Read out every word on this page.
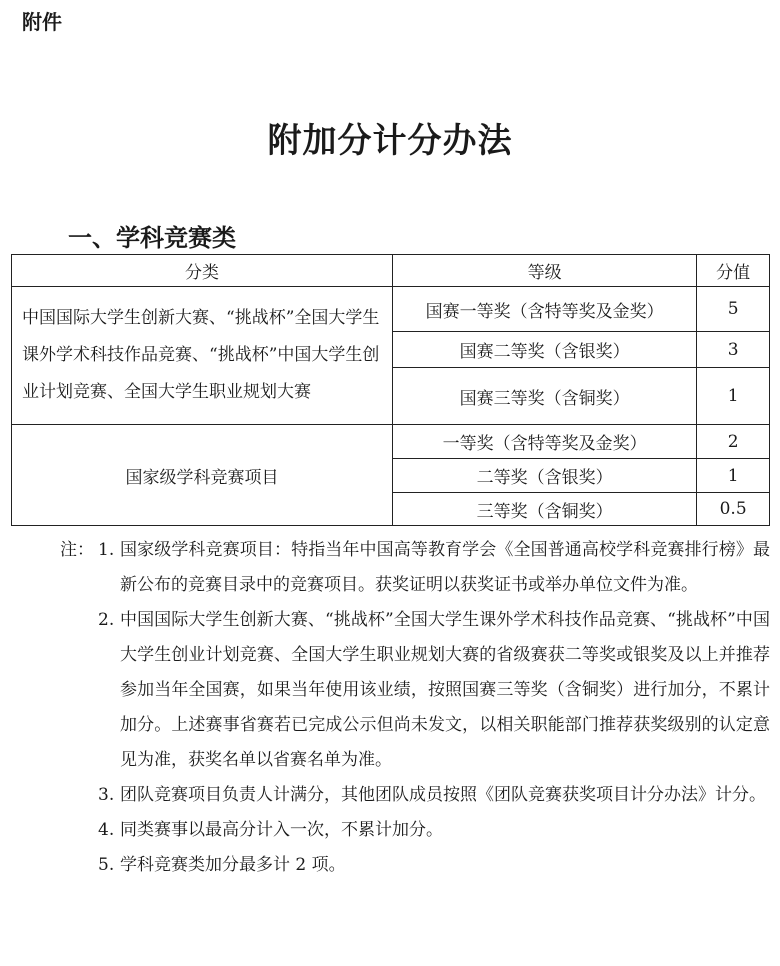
附件
附加分计分办法
一、学科竞赛类
分类	等级	分值
中国国际大学生创新大赛、“挑战杯”全国大学生课外学术科技作品竞赛、“挑战杯”中国大学生创业计划竞赛、全国大学生职业规划大赛	国赛一等奖（含特等奖及金奖）	5
	国赛二等奖（含银奖）	3
	国赛三等奖（含铜奖）	1
国家级学科竞赛项目	一等奖（含特等奖及金奖）	2
	二等奖（含银奖）	1
	三等奖（含铜奖）	0.5
注： 1. 国家级学科竞赛项目：特指当年中国高等教育学会《全国普通高校学科竞赛排行榜》最新公布的竞赛目录中的竞赛项目。获奖证明以获奖证书或举办单位文件为准。
2. 中国国际大学生创新大赛、“挑战杯”全国大学生课外学术科技作品竞赛、“挑战杯”中国大学生创业计划竞赛、全国大学生职业规划大赛的省级赛获二等奖或银奖及以上并推荐参加当年全国赛，如果当年使用该业绩，按照国赛三等奖（含铜奖）进行加分，不累计加分。上述赛事省赛若已完成公示但尚未发文，以相关职能部门推荐获奖级别的认定意见为准，获奖名单以省赛名单为准。
3. 团队竞赛项目负责人计满分，其他团队成员按照《团队竞赛获奖项目计分办法》计分。
4. 同类赛事以最高分计入一次，不累计加分。
5. 学科竞赛类加分最多计 2 项。
